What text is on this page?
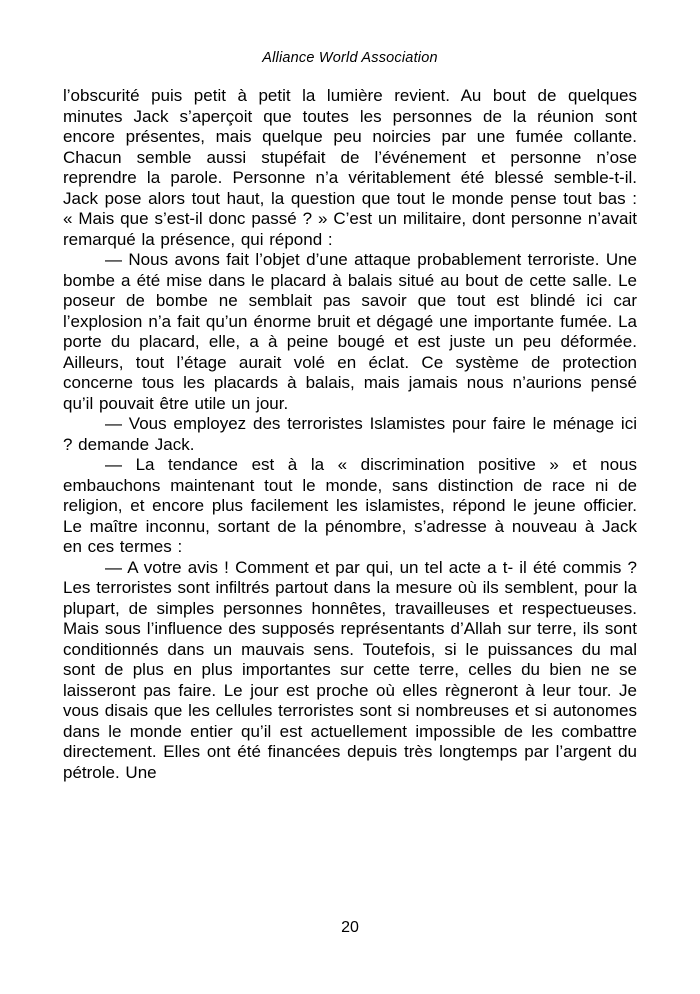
Alliance World Association

l’obscurité puis petit à petit la lumière revient. Au bout de quelques minutes Jack s’aperçoit que toutes les personnes de la réunion sont encore présentes, mais quelque peu noircies par une fumée collante. Chacun semble aussi stupéfait de l’événement et personne n’ose reprendre la parole. Personne n’a véritablement été blessé semble-t-il. Jack pose alors tout haut, la question que tout le monde pense tout bas : « Mais que s’est-il donc passé ? » C’est un militaire, dont personne n’avait remarqué la présence, qui répond :

— Nous avons fait l’objet d’une attaque probablement terroriste. Une bombe a été mise dans le placard à balais situé au bout de cette salle. Le poseur de bombe ne semblait pas savoir que tout est blindé ici car l’explosion n’a fait qu’un énorme bruit et dégagé une importante fumée. La porte du placard, elle, a à peine bougé et est juste un peu déformée. Ailleurs, tout l’étage aurait volé en éclat. Ce système de protection concerne tous les placards à balais, mais jamais nous n’aurions pensé qu’il pouvait être utile un jour.

— Vous employez des terroristes Islamistes pour faire le ménage ici ? demande Jack.

— La tendance est à la « discrimination positive » et nous embauchons maintenant tout le monde, sans distinction de race ni de religion, et encore plus facilement les islamistes, répond le jeune officier. Le maître inconnu, sortant de la pénombre, s’adresse à nouveau à Jack en ces termes :

— A votre avis ! Comment et par qui, un tel acte a t- il été commis ? Les terroristes sont infiltrés partout dans la mesure où ils semblent, pour la plupart, de simples personnes honnêtes, travailleuses et respectueuses. Mais sous l’influence des supposés représentants d’Allah sur terre, ils sont conditionnés dans un mauvais sens. Toutefois, si le puissances du mal sont de plus en plus importantes sur cette terre, celles du bien ne se laisseront pas faire. Le jour est proche où elles règneront à leur tour. Je vous disais que les cellules terroristes sont si nombreuses et si autonomes dans le monde entier qu’il est actuellement impossible de les combattre directement. Elles ont été financées depuis très longtemps par l’argent du pétrole. Une

20
